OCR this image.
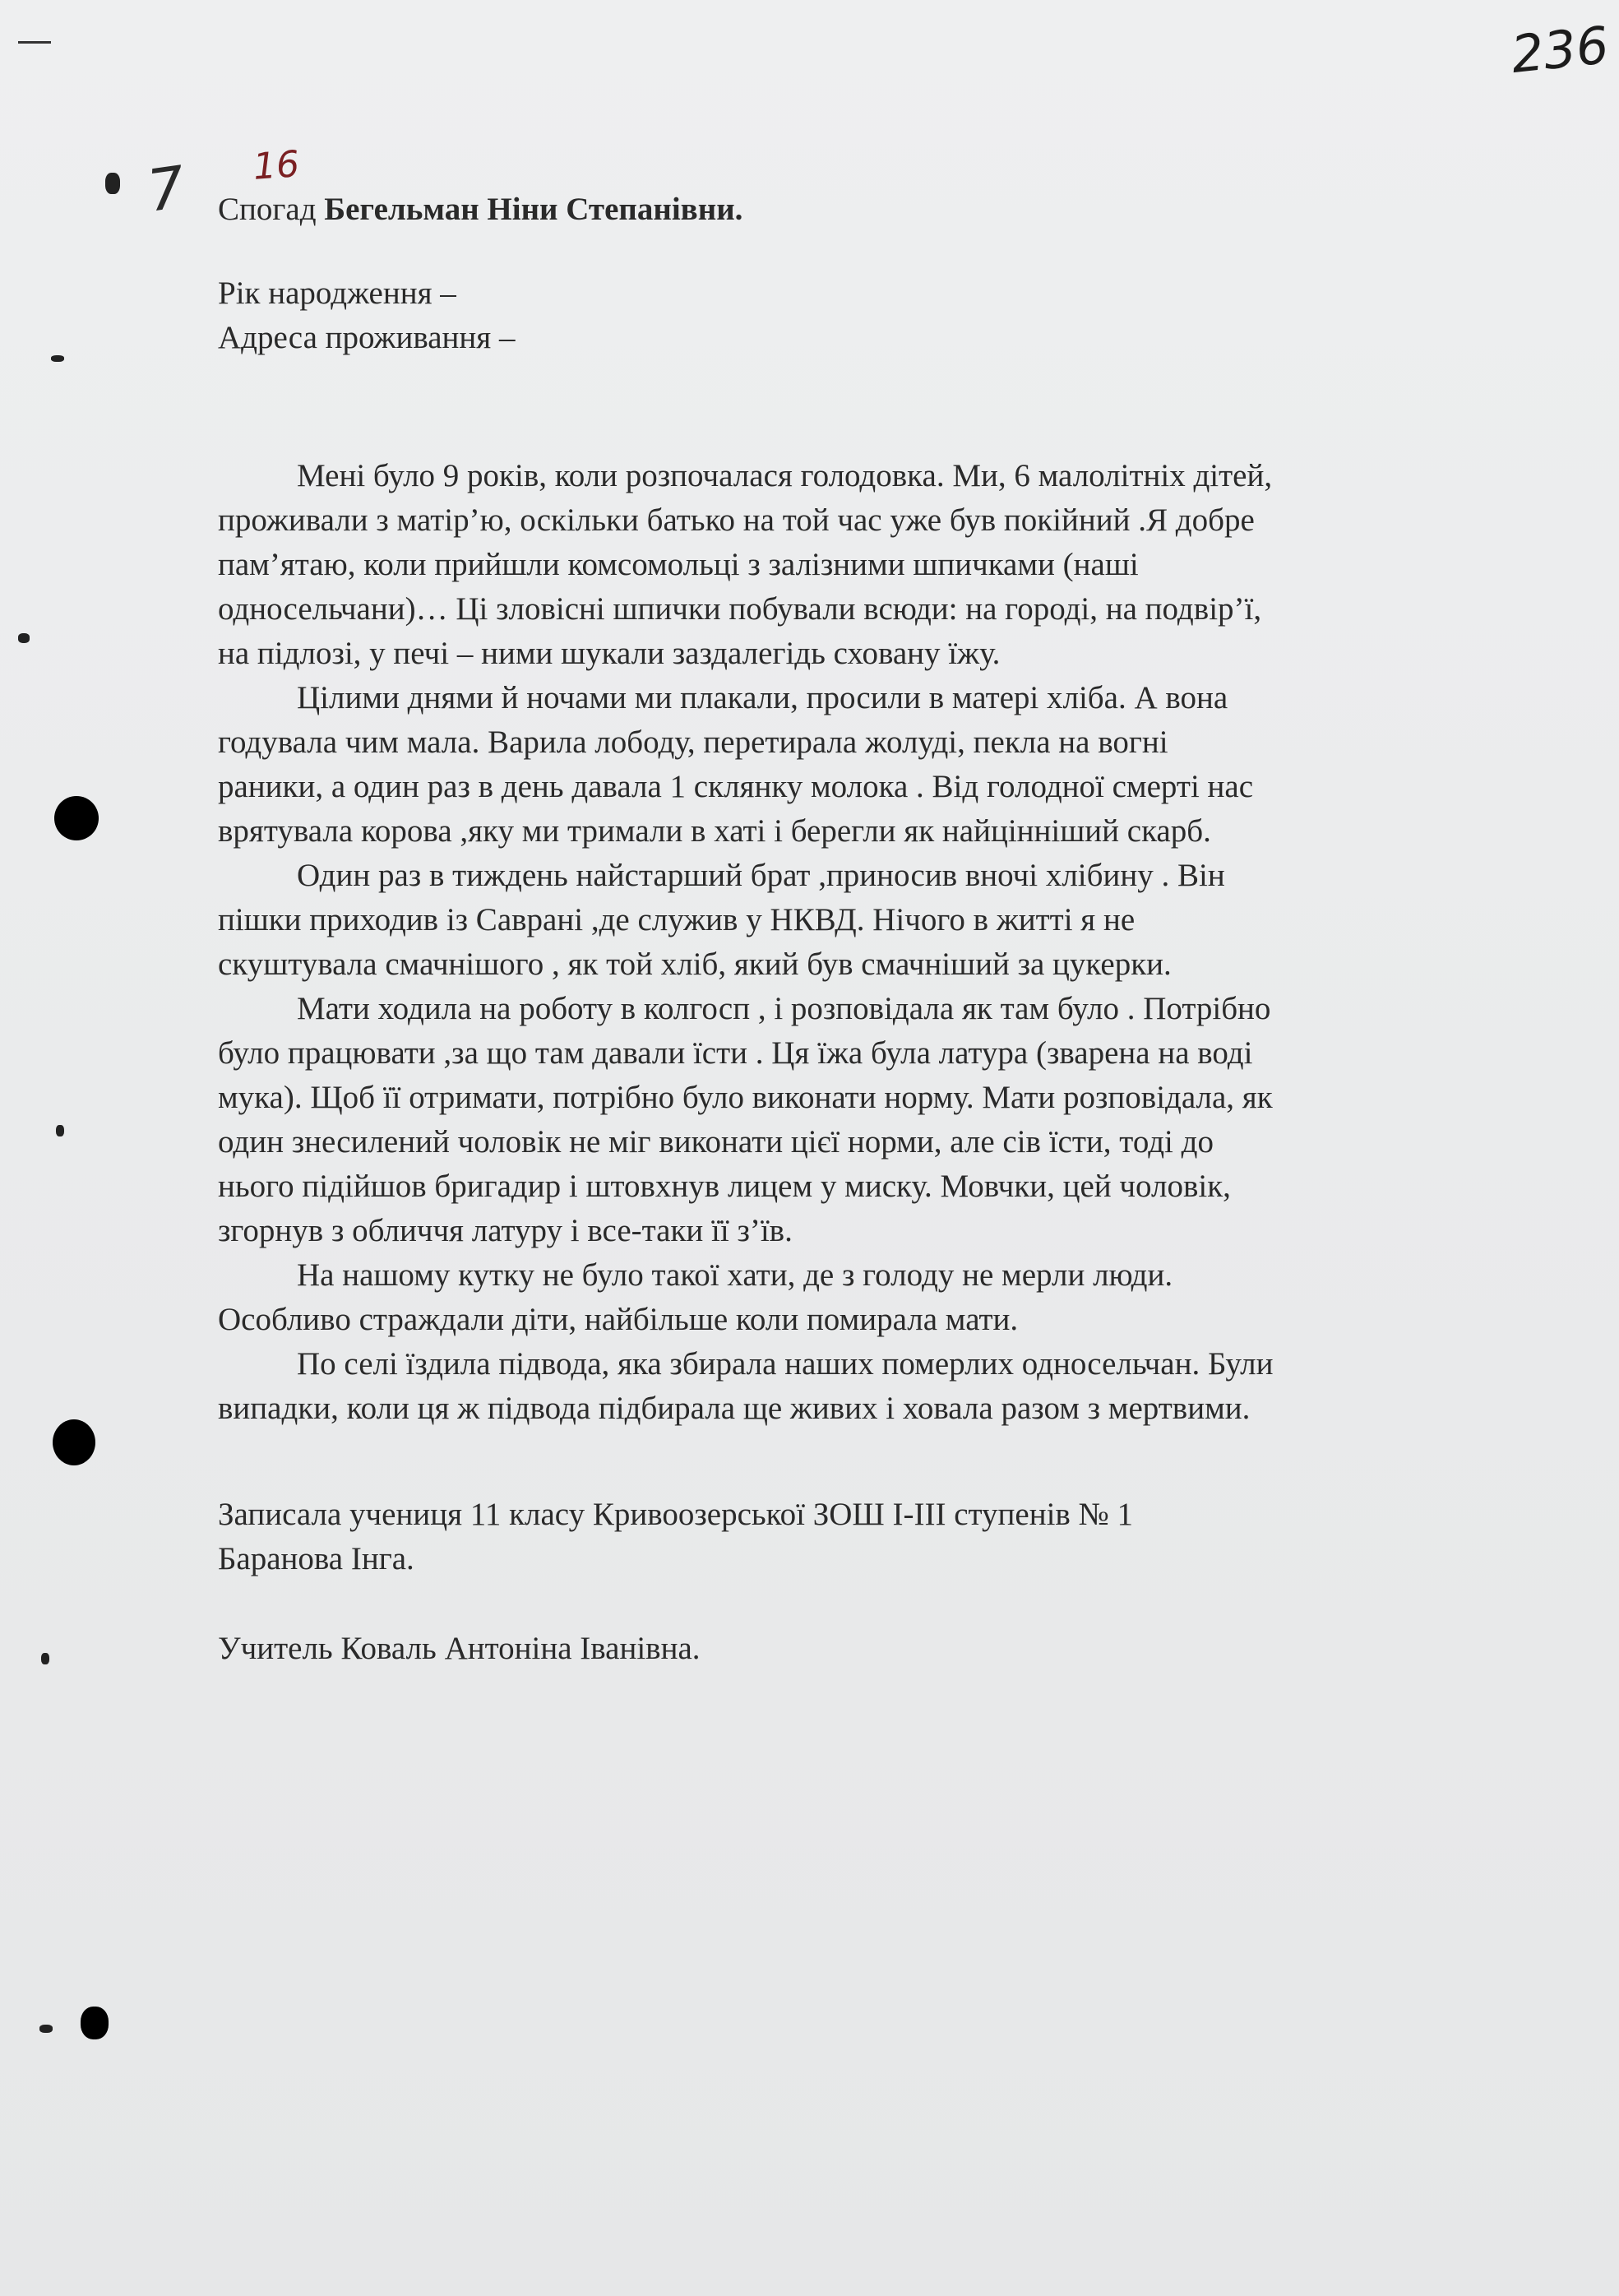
236
7 16
Спогад Бегельман Ніни Степанівни.
Рік народження –
Адреса проживання –
Мені було 9 років, коли розпочалася голодовка. Ми, 6 малолітніх дітей,
проживали з матір’ю, оскільки батько на той час уже був покійний .Я добре
пам’ятаю, коли прийшли комсомольці з залізними шпичками (наші
односельчани)… Ці зловісні шпички побували всюди: на городі, на подвір’ї,
на підлозі, у печі – ними шукали заздалегідь сховану їжу.
Цілими днями й ночами ми плакали, просили в матері хліба. А вона
годувала чим мала. Варила лободу, перетирала жолуді, пекла на вогні
раники, а один раз в день давала 1 склянку молока . Від голодної смерті нас
врятувала корова ,яку ми тримали в хаті і берегли як найцінніший скарб.
Один раз в тиждень найстарший брат ,приносив вночі хлібину . Він
пішки приходив із Саврані ,де служив у НКВД. Нічого в житті я не
скуштувала смачнішого , як той хліб, який був смачніший за цукерки.
Мати ходила на роботу в колгосп , і розповідала як там було . Потрібно
було працювати ,за що там давали їсти . Ця їжа була латура (зварена на воді
мука). Щоб її отримати, потрібно було виконати норму. Мати розповідала, як
один знесилений чоловік не міг виконати цієї норми, але сів їсти, тоді до
нього підійшов бригадир і штовхнув лицем у миску. Мовчки, цей чоловік,
згорнув з обличчя латуру і все-таки її з’їв.
На нашому кутку не було такої хати, де з голоду не мерли люди.
Особливо страждали діти, найбільше коли помирала мати.
По селі їздила підвода, яка збирала наших померлих односельчан. Були
випадки, коли ця ж підвода підбирала ще живих і ховала разом з мертвими.
Записала учениця 11 класу Кривоозерської ЗОШ І-ІІІ ступенів № 1
Баранова Інга.
Учитель Коваль Антоніна Іванівна.
